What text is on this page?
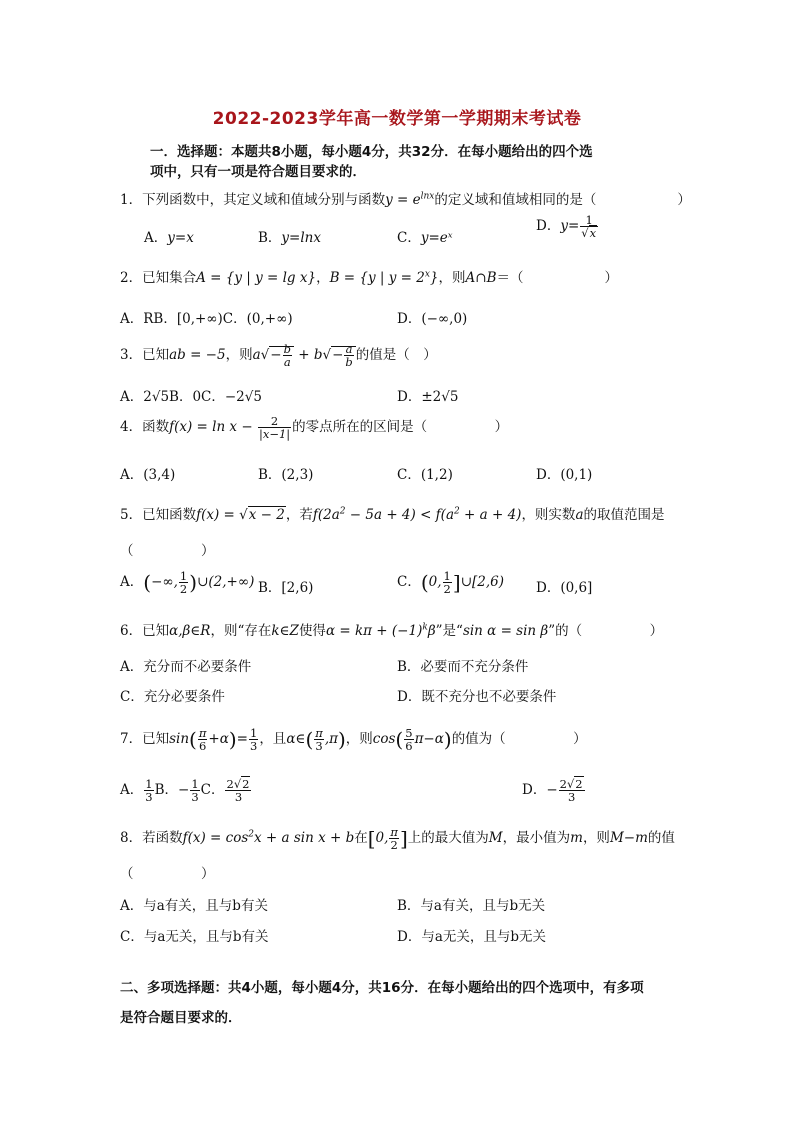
2022-2023学年高一数学第一学期期末考试卷
一．选择题：本题共8小题，每小题4分，共32分．在每小题给出的四个选
项中，只有一项是符合题目要求的．
1．下列函数中，其定义域和值域分别与函数$y = e^{lnx}$的定义域和值域相同的是（　　　　　　）
A．y=x	B．y=lnx	C．y=eˣ
D．$y= \frac{1}{√x}$
2．已知集合A = {y | y = lg x}，B = {y | $y = 2^x$}，则A∩B＝（　　　　　　）
A．RB．[0,+∞)C．(0,+∞)	D．(−∞,0)
3．已知ab = −5，则$a√- \frac{b}{a} + b√- \frac{a}{b}$ 的值是（　）
A．2√5B．0C．−2√5	D．±2√5
4．函数$f(x) = \ln x - \frac{2}{|x-1|}$ 的零点所在的区间是（　　　　　）
A．(3,4)	B．(2,3)	C．(1,2)	D．(0,1)
5．已知函数f(x) = √x − 2，若$f(2a^2 - 5a + 4) < f(a^2 + a + 4)$，则实数a的取值范围是
（　　　　　）
A．(−∞, $\frac{1}{2}$ )∪(2,+∞) B．[2,6)	C．(0, $\frac{1}{2}$ ]∪[2,6) D．(0,6]
6．已知α,β∈R，则“存在k∈Z使得$\alpha = k\pi + (-1)^k\beta$”是“sin α = sin β”的（　　　　　）
A．充分而不必要条件	B．必要而不充分条件
C．充分必要条件	D．既不充分也不必要条件
7．已知$\sin( \frac{\pi}{6} +\alpha)= \frac{1}{3}$ ，且α∈( $\frac{\pi}{3} ,\pi$)，则$\cos( \frac{5}{6} \pi-\alpha)$的值为（　　　　　）
A． $\frac{1}{3}$ B．− $\frac{1}{3}$ C． $\frac{2√2}{3}$	D．− $\frac{2√2}{3}$
8．若函数$f(x) = \cos^2x + a$ sin x + b在[0, $\frac{\pi}{2}$ ]上的最大值为M，最小值为m，则M−m的值
（　　　　　）
A．与a有关，且与b有关	B．与a有关，且与b无关
C．与a无关，且与b有关	D．与a无关，且与b无关
二、多项选择题：共4小题，每小题4分，共16分．在每小题给出的四个选项中，有多项
是符合题目要求的．
